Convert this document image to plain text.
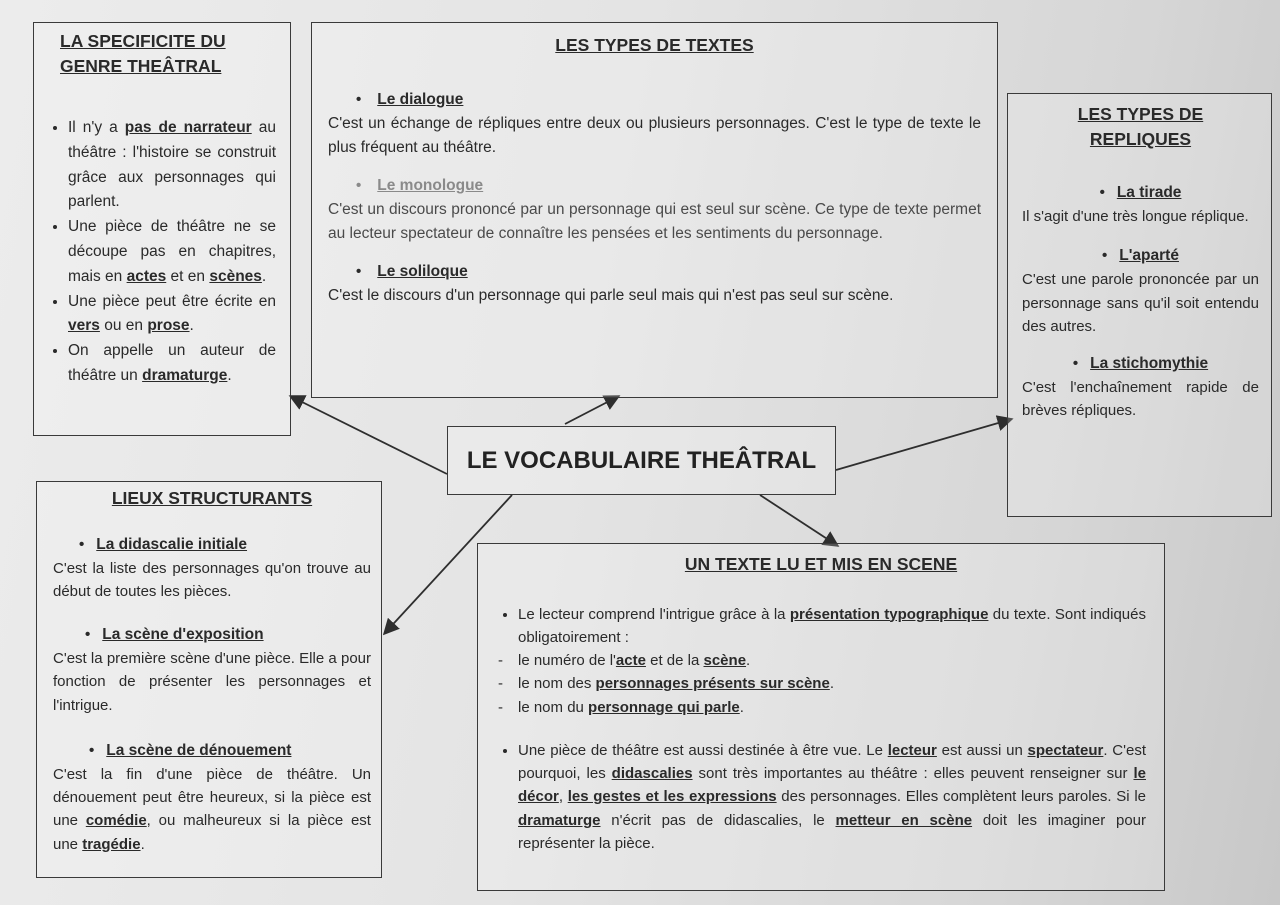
LE VOCABULAIRE THEÂTRAL
LA SPECIFICITE DU
GENRE THEÂTRAL
• Il n'y a pas de narrateur au théâtre : l'histoire se construit grâce aux personnages qui parlent.
• Une pièce de théâtre ne se découpe pas en chapitres, mais en actes et en scènes.
• Une pièce peut être écrite en vers ou en prose.
• On appelle un auteur de théâtre un dramaturge.
LES TYPES DE TEXTES
• Le dialogue

C'est un échange de répliques entre deux ou plusieurs personnages. C'est le type de texte le plus fréquent au théâtre.

• Le monologue

C'est un discours prononcé par un personnage qui est seul sur scène. Ce type de texte permet au lecteur spectateur de connaître les pensées et les sentiments du personnage.

• Le soliloque

C'est le discours d'un personnage qui parle seul mais qui n'est pas seul sur scène.

LES TYPES DE
REPLIQUES
• La tirade

Il s'agit d'une très longue réplique.

• L'aparté

C'est une parole prononcée par un personnage sans qu'il soit entendu des autres.

• La stichomythie

C'est l'enchaînement rapide de brèves répliques.

LIEUX STRUCTURANTS
• La didascalie initiale

C'est la liste des personnages qu'on trouve au début de toutes les pièces.

• La scène d'exposition

C'est la première scène d'une pièce. Elle a pour fonction de présenter les personnages et l'intrigue.

• La scène de dénouement

C'est la fin d'une pièce de théâtre. Un dénouement peut être heureux, si la pièce est une comédie, ou malheureux si la pièce est une tragédie.

UN TEXTE LU ET MIS EN SCENE
• Le lecteur comprend l'intrigue grâce à la présentation typographique du texte. Sont indiqués obligatoirement :
- le numéro de l'acte et de la scène.
- le nom des personnages présents sur scène.
- le nom du personnage qui parle.
• Une pièce de théâtre est aussi destinée à être vue. Le lecteur est aussi un spectateur. C'est pourquoi, les didascalies sont très importantes au théâtre : elles peuvent renseigner sur le décor, les gestes et les expressions des personnages. Elles complètent leurs paroles. Si le dramaturge n'écrit pas de didascalies, le metteur en scène doit les imaginer pour représenter la pièce.
